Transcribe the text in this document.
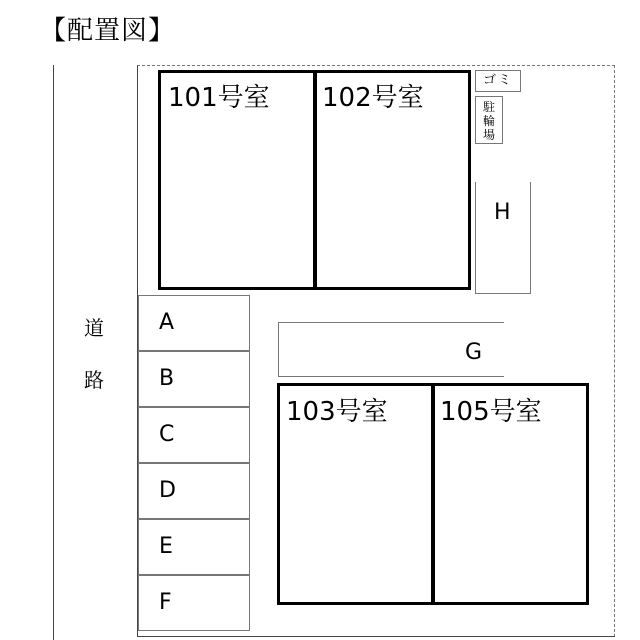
【配置図】
道
路
101号室 102号室
103号室 105号室
A
B
C
D
E
F
ゴミ
駐
輪
場
H
G
